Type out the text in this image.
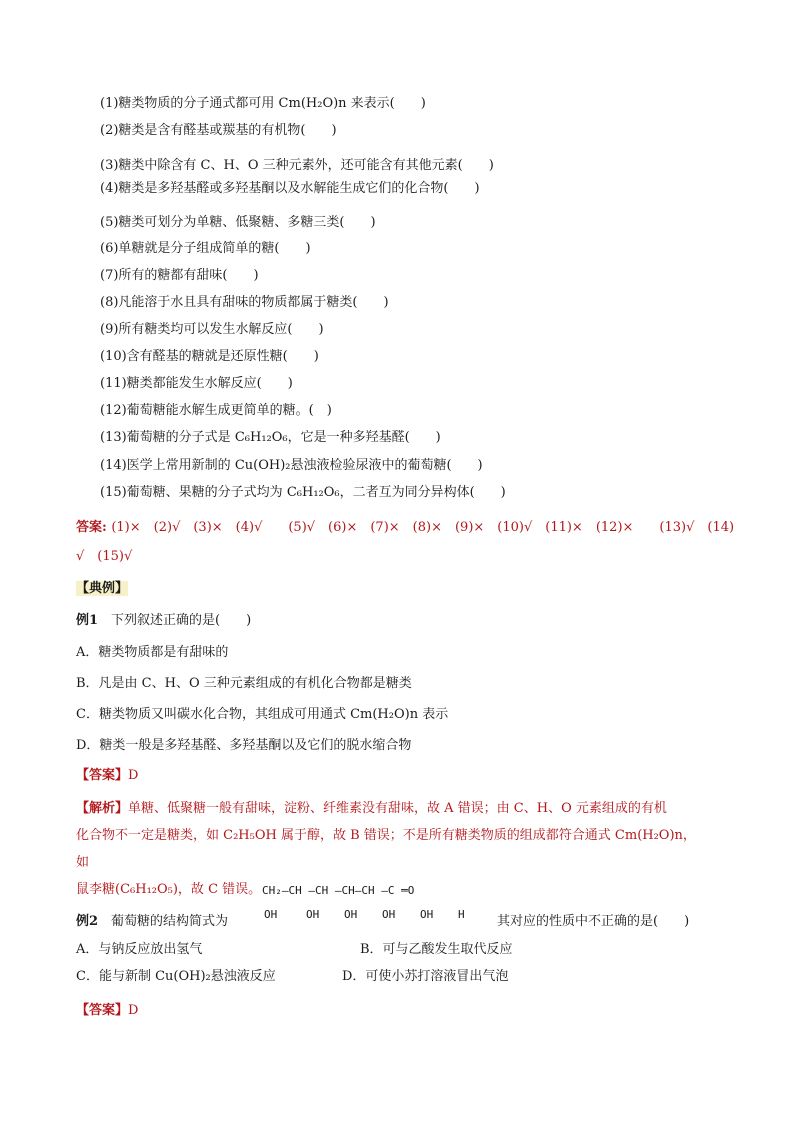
(1)糖类物质的分子通式都可用 Cm(H₂O)n 来表示(　　)
(2)糖类是含有醛基或羰基的有机物(　　)
(3)糖类中除含有 C、H、O 三种元素外，还可能含有其他元素(　　)
(4)糖类是多羟基醛或多羟基酮以及水解能生成它们的化合物(　　)
(5)糖类可划分为单糖、低聚糖、多糖三类(　　)
(6)单糖就是分子组成简单的糖(　　)
(7)所有的糖都有甜味(　　)
(8)凡能溶于水且具有甜味的物质都属于糖类(　　)
(9)所有糖类均可以发生水解反应(　　)
(10)含有醛基的糖就是还原性糖(　　)
(11)糖类都能发生水解反应(　　)
(12)葡萄糖能水解生成更简单的糖。(　)
(13)葡萄糖的分子式是 C₆H₁₂O₆，它是一种多羟基醛(　　)
(14)医学上常用新制的 Cu(OH)₂悬浊液检验尿液中的葡萄糖(　　)
(15)葡萄糖、果糖的分子式均为 C₆H₁₂O₆，二者互为同分异构体(　　)
答案: (1)×　(2)√　(3)×　(4)√　　(5)√　(6)×　(7)×　(8)×　(9)×　(10)√　(11)×　(12)×　　(13)√　(14)
√　(15)√
【典例】
例1　下列叙述正确的是(　　)
A．糖类物质都是有甜味的
B．凡是由 C、H、O 三种元素组成的有机化合物都是糖类
C．糖类物质又叫碳水化合物，其组成可用通式 Cm(H₂O)n 表示
D．糖类一般是多羟基醛、多羟基酮以及它们的脱水缩合物
【答案】D
【解析】单糖、低聚糖一般有甜味，淀粉、纤维素没有甜味，故 A 错误；由 C、H、O 元素组成的有机
化合物不一定是糖类，如 C₂H₅OH 属于醇，故 B 错误；不是所有糖类物质的组成都符合通式 Cm(H₂O)n，如
鼠李糖(C₆H₁₂O₅)，故 C 错误。
例2　葡萄糖的结构简式为
CH₂—CH —CH —CH—CH —C ═O
OH	OH OH OH OH H 其对应的性质中不正确的是(　　)
A．与钠反应放出氢气	B．可与乙酸发生取代反应
C．能与新制 Cu(OH)₂悬浊液反应	D．可使小苏打溶液冒出气泡
【答案】D
